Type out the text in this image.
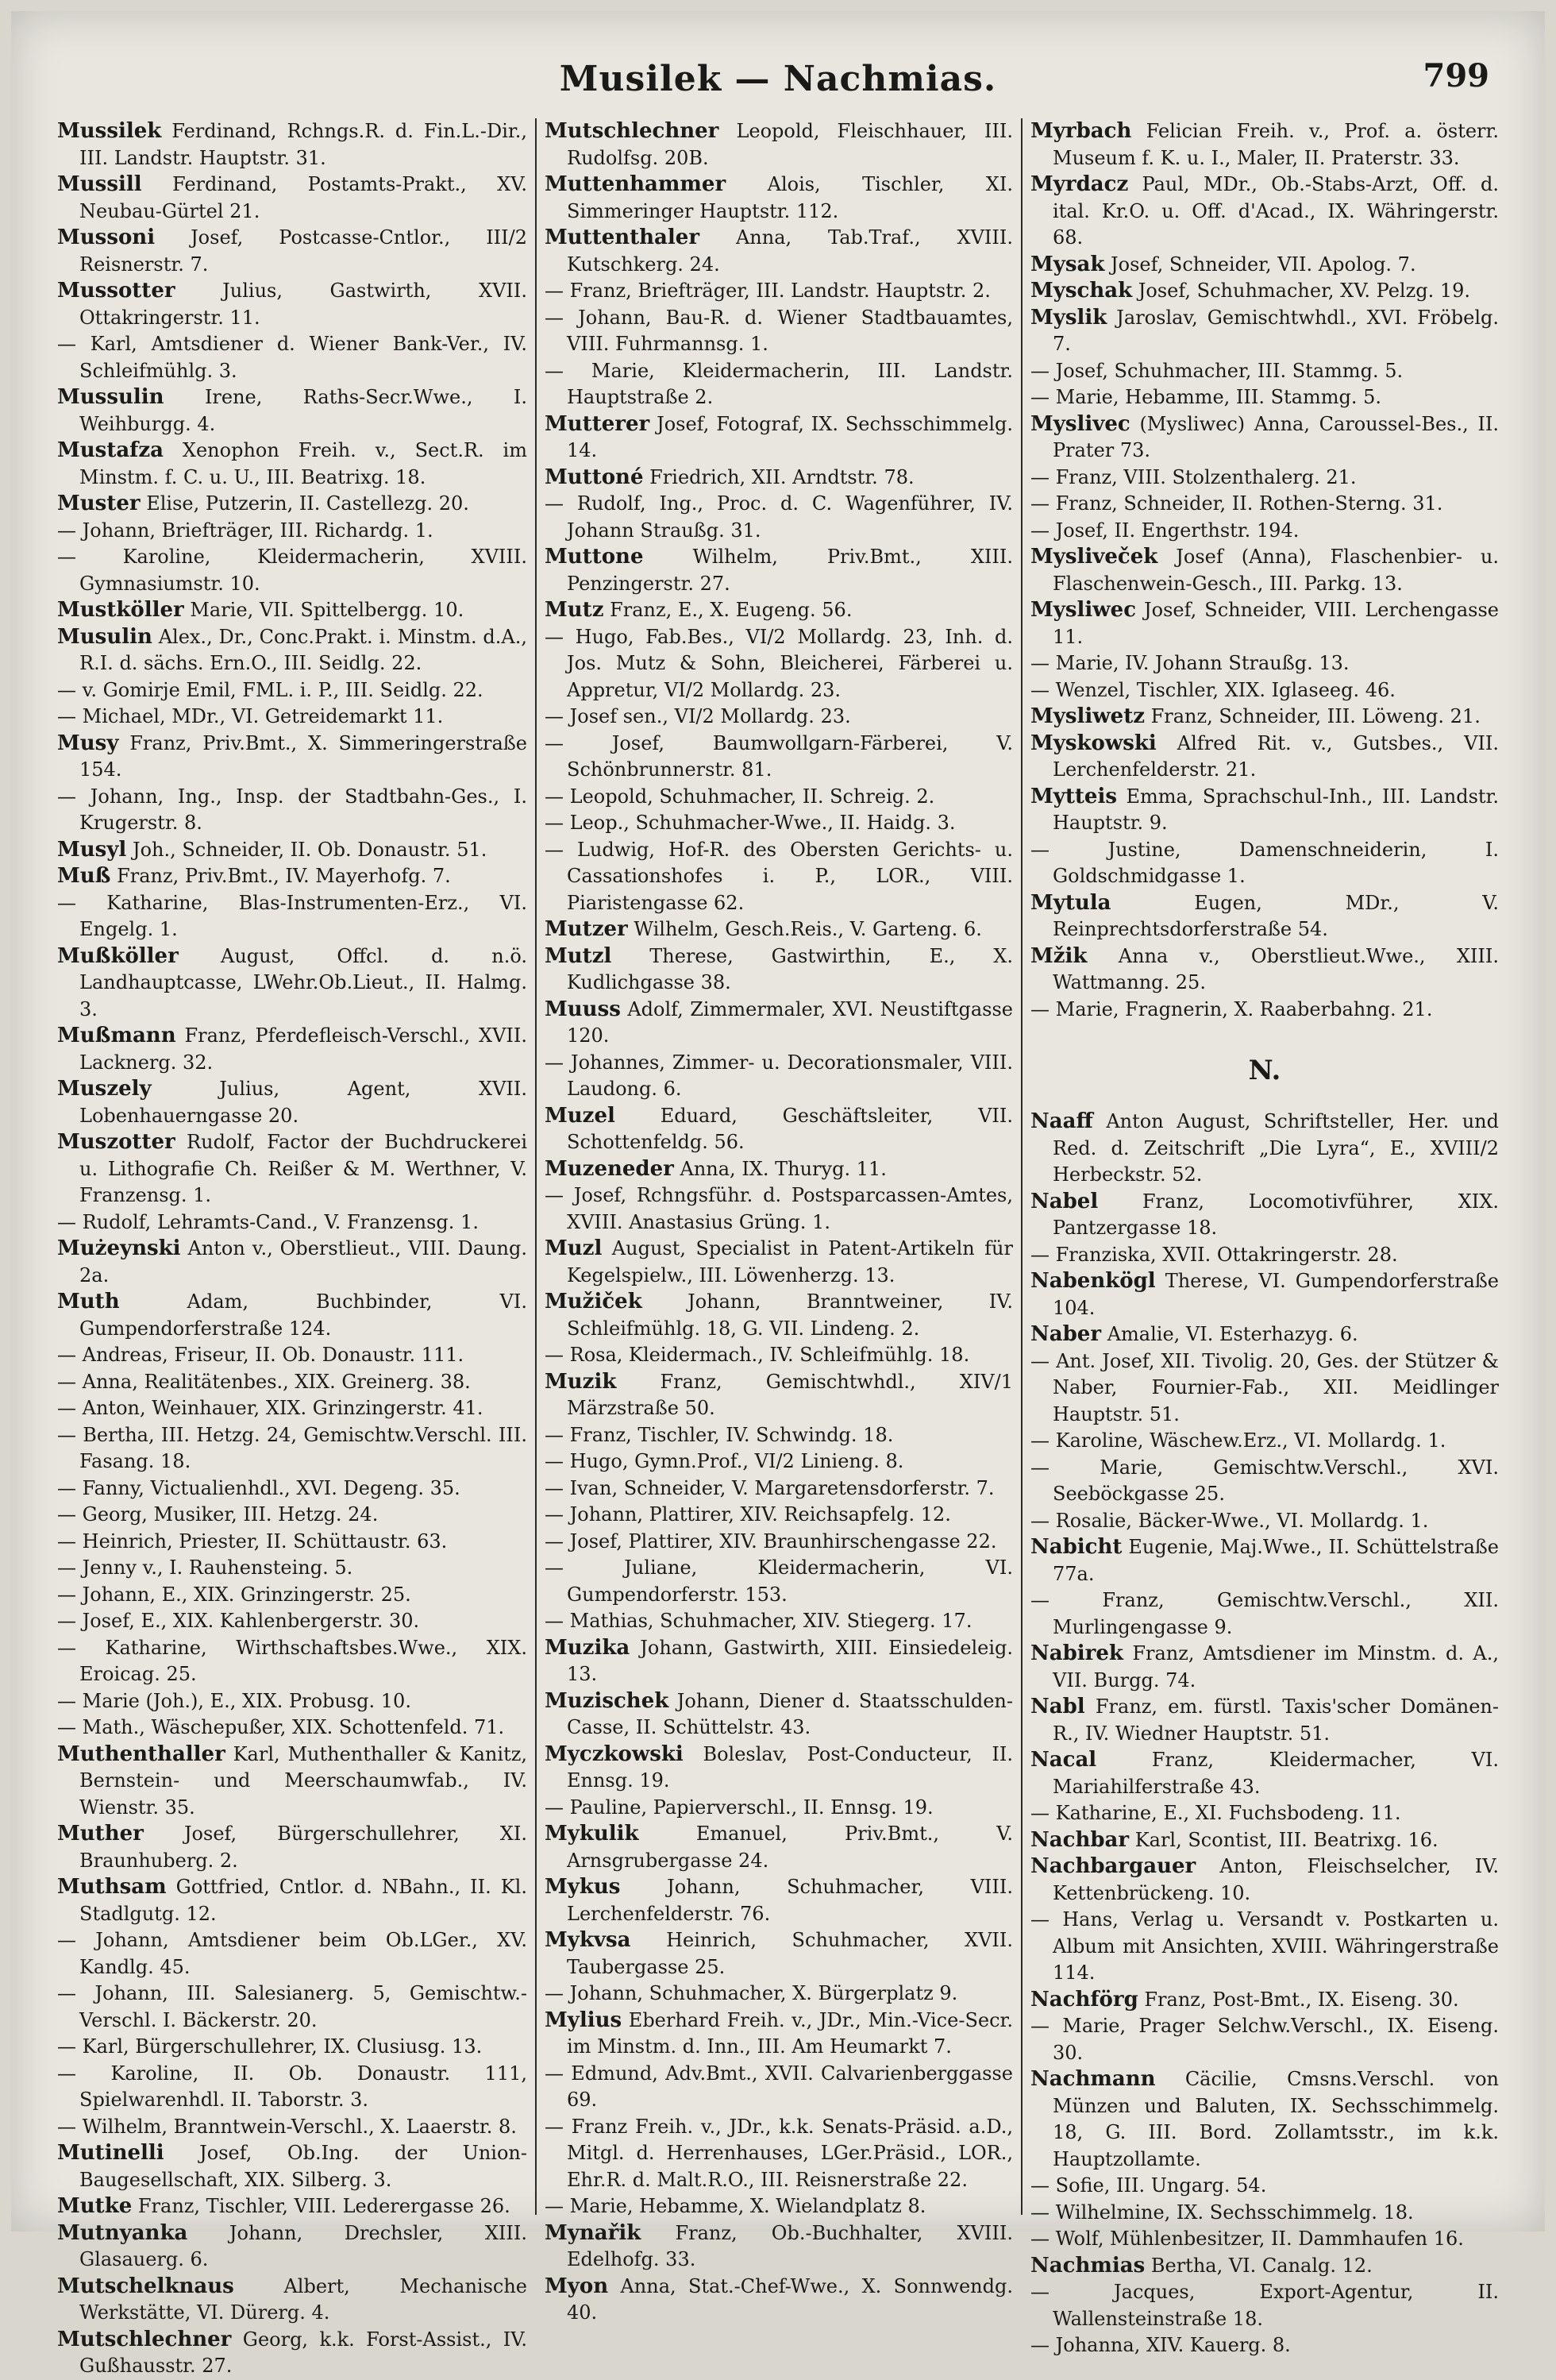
Musilek — Nachmias.	799

Mussilek Ferdinand, Rchngs.R. d. Fin.L.-Dir., III. Landstr. Hauptstr. 31.

Mussill Ferdinand, Postamts-Prakt., XV. Neubau-Gürtel 21.

Mussoni Josef, Postcasse-Cntlor., III/2 Reisnerstr. 7.

Mussotter Julius, Gastwirth, XVII. Ottakringerstr. 11.

— Karl, Amtsdiener d. Wiener Bank-Ver., IV. Schleifmühlg. 3.

Mussulin Irene, Raths-Secr.Wwe., I. Weihburgg. 4.

Mustafza Xenophon Freih. v., Sect.R. im Minstm. f. C. u. U., III. Beatrixg. 18.

Muster Elise, Putzerin, II. Castellezg. 20.

— Johann, Briefträger, III. Richardg. 1.

— Karoline, Kleidermacherin, XVIII. Gymnasiumstr. 10.

Mustköller Marie, VII. Spittelbergg. 10.

Musulin Alex., Dr., Conc.Prakt. i. Minstm. d.A., R.I. d. sächs. Ern.O., III. Seidlg. 22.

— v. Gomirje Emil, FML. i. P., III. Seidlg. 22.

— Michael, MDr., VI. Getreidemarkt 11.

Musy Franz, Priv.Bmt., X. Simmeringerstraße 154.

— Johann, Ing., Insp. der Stadtbahn-Ges., I. Krugerstr. 8.

Musyl Joh., Schneider, II. Ob. Donaustr. 51.

Muß Franz, Priv.Bmt., IV. Mayerhofg. 7.

— Katharine, Blas-Instrumenten-Erz., VI. Engelg. 1.

Mußköller August, Offcl. d. n.ö. Landhauptcasse, LWehr.Ob.Lieut., II. Halmg. 3.

Mußmann Franz, Pferdefleisch-Verschl., XVII. Lacknerg. 32.

Muszely	Julius, Agent, XVII. Lobenhauerngasse 20.

Muszotter Rudolf, Factor der Buchdruckerei u. Lithografie Ch. Reißer & M. Werthner, V. Franzensg. 1.

— Rudolf, Lehramts-Cand., V. Franzensg. 1.

Mużeynski Anton v., Oberstlieut., VIII. Daung. 2a.

Muth	Adam, Buchbinder, VI. Gumpendorferstraße 124.

— Andreas, Friseur, II. Ob. Donaustr. 111.

— Anna, Realitätenbes., XIX. Greinerg. 38.

— Anton, Weinhauer, XIX. Grinzingerstr. 41.

— Bertha, III. Hetzg. 24, Gemischtw.Verschl. III. Fasang. 18.

— Fanny, Victualienhdl., XVI. Degeng. 35.

— Georg, Musiker, III. Hetzg. 24.

— Heinrich, Priester, II. Schüttaustr. 63.

— Jenny v., I. Rauhensteing. 5.

— Johann, E., XIX. Grinzingerstr. 25.

— Josef, E., XIX. Kahlenbergerstr. 30.

— Katharine, Wirthschaftsbes.Wwe., XIX. Eroicag. 25.

— Marie (Joh.), E., XIX. Probusg. 10.

— Math., Wäschepußer, XIX. Schottenfeld. 71.

Muthenthaller Karl, Muthenthaller & Kanitz, Bernstein- und Meerschaumwfab., IV. Wienstr. 35.

Muther Josef, Bürgerschullehrer, XI. Braunhuberg. 2.

Muthsam Gottfried, Cntlor. d. NBahn., II. Kl. Stadlgutg. 12.

— Johann, Amtsdiener beim Ob.LGer., XV. Kandlg. 45.

— Johann, III. Salesianerg. 5, Gemischtw.-Verschl. I. Bäckerstr. 20.

— Karl, Bürgerschullehrer, IX. Clusiusg. 13.

— Karoline, II. Ob. Donaustr. 111, Spielwarenhdl. II. Taborstr. 3.

— Wilhelm, Branntwein-Verschl., X. Laaerstr. 8.

Mutinelli Josef, Ob.Ing. der Union-Baugesellschaft, XIX. Silberg. 3.

Mutke Franz, Tischler, VIII. Lederergasse 26.

Mutnyanka Johann, Drechsler, XIII. Glasauerg. 6.

Mutschelknaus	Albert, Mechanische Werkstätte, VI. Dürerg. 4.

Mutschlechner Georg, k.k. Forst-Assist., IV. Gußhausstr. 27.

Mutschlechner Leopold, Fleischhauer, III. Rudolfsg. 20B.

Muttenhammer Alois, Tischler, XI. Simmeringer Hauptstr. 112.

Muttenthaler Anna, Tab.Traf., XVIII. Kutschkerg. 24.

— Franz, Briefträger, III. Landstr. Hauptstr. 2.

— Johann, Bau-R. d. Wiener Stadtbauamtes, VIII. Fuhrmannsg. 1.

— Marie, Kleidermacherin, III. Landstr. Hauptstraße 2.

Mutterer Josef, Fotograf, IX. Sechsschimmelg. 14.

Muttoné Friedrich, XII. Arndtstr. 78.

— Rudolf, Ing., Proc. d. C. Wagenführer, IV. Johann Straußg. 31.

Muttone	Wilhelm, Priv.Bmt., XIII. Penzingerstr. 27.

Mutz Franz, E., X. Eugeng. 56.

— Hugo, Fab.Bes., VI/2 Mollardg. 23, Inh. d. Jos. Mutz & Sohn, Bleicherei, Färberei u. Appretur, VI/2 Mollardg. 23.

— Josef sen., VI/2 Mollardg. 23.

— Josef, Baumwollgarn-Färberei, V. Schönbrunnerstr. 81.

— Leopold, Schuhmacher, II. Schreig. 2.

— Leop., Schuhmacher-Wwe., II. Haidg. 3.

— Ludwig, Hof-R. des Obersten Gerichts- u. Cassationshofes i. P., LOR., VIII. Piaristengasse 62.

Mutzer Wilhelm, Gesch.Reis., V. Garteng. 6.

Mutzl Therese, Gastwirthin, E., X. Kudlichgasse 38.

Muuss Adolf, Zimmermaler, XVI. Neustiftgasse 120.

— Johannes, Zimmer- u. Decorationsmaler, VIII. Laudong. 6.

Muzel Eduard, Geschäftsleiter, VII. Schottenfeldg. 56.

Muzeneder Anna, IX. Thuryg. 11.

— Josef, Rchngsführ. d. Postsparcassen-Amtes, XVIII. Anastasius Grüng. 1.

Muzl August, Specialist in Patent-Artikeln für Kegelspielw., III. Löwenherzg. 13.

Mužiček Johann, Branntweiner, IV. Schleifmühlg. 18, G. VII. Lindeng. 2.

— Rosa, Kleidermach., IV. Schleifmühlg. 18.

Muzik Franz, Gemischtwhdl., XIV/1 Märzstraße 50.

— Franz, Tischler, IV. Schwindg. 18.

— Hugo, Gymn.Prof., VI/2 Linieng. 8.

— Ivan, Schneider, V. Margaretensdorferstr. 7.

— Johann, Plattirer, XIV. Reichsapfelg. 12.

— Josef, Plattirer, XIV. Braunhirschengasse 22.

— Juliane, Kleidermacherin, VI. Gumpendorferstr. 153.

— Mathias, Schuhmacher, XIV. Stiegerg. 17.

Muzika Johann, Gastwirth, XIII. Einsiedeleig. 13.

Muzischek Johann, Diener d. Staatsschulden-Casse, II. Schüttelstr. 43.

Myczkowski Boleslav, Post-Conducteur, II. Ennsg. 19.

— Pauline, Papierverschl., II. Ennsg. 19.

Mykulik	Emanuel, Priv.Bmt., V. Arnsgrubergasse 24.

Mykus Johann, Schuhmacher, VIII. Lerchenfelderstr. 76.

Mykvsa Heinrich, Schuhmacher, XVII. Taubergasse 25.

— Johann, Schuhmacher, X. Bürgerplatz 9.

Mylius Eberhard Freih. v., JDr., Min.-Vice-Secr. im Minstm. d. Inn., III. Am Heumarkt 7.

— Edmund, Adv.Bmt., XVII. Calvarienberggasse 69.

— Franz Freih. v., JDr., k.k. Senats-Präsid. a.D., Mitgl. d. Herrenhauses, LGer.Präsid., LOR., Ehr.R. d. Malt.R.O., III. Reisnerstraße 22.

— Marie, Hebamme, X. Wielandplatz 8.

Mynařik Franz, Ob.-Buchhalter, XVIII. Edelhofg. 33.

Myon Anna, Stat.-Chef-Wwe., X. Sonnwendg. 40.

Myrbach Felician Freih. v., Prof. a. österr. Museum f. K. u. I., Maler, II. Praterstr. 33.

Myrdacz Paul, MDr., Ob.-Stabs-Arzt, Off. d. ital. Kr.O. u. Off. d'Acad., IX. Währingerstr. 68.

Mysak Josef, Schneider, VII. Apolog. 7.

Myschak Josef, Schuhmacher, XV. Pelzg. 19.

Myslik Jaroslav, Gemischtwhdl., XVI. Fröbelg. 7.

— Josef, Schuhmacher, III. Stammg. 5.

— Marie, Hebamme, III. Stammg. 5.

Myslivec (Mysliwec) Anna, Caroussel-Bes., II. Prater 73.

— Franz, VIII. Stolzenthalerg. 21.

— Franz, Schneider, II. Rothen-Sterng. 31.

— Josef, II. Engerthstr. 194.

Mysliveček Josef (Anna), Flaschenbier- u. Flaschenwein-Gesch., III. Parkg. 13.

Mysliwec Josef, Schneider, VIII. Lerchengasse 11.

— Marie, IV. Johann Straußg. 13.

— Wenzel, Tischler, XIX. Iglaseeg. 46.

Mysliwetz Franz, Schneider, III. Löweng. 21.

Myskowski Alfred Rit. v., Gutsbes., VII. Lerchenfelderstr. 21.

Mytteis Emma, Sprachschul-Inh., III. Landstr. Hauptstr. 9.

— Justine, Damenschneiderin, I. Goldschmidgasse 1.

Mytula	Eugen, MDr., V. Reinprechtsdorferstraße 54.

Mžik Anna v., Oberstlieut.Wwe., XIII. Wattmanng. 25.

— Marie, Fragnerin, X. Raaberbahng. 21.

N.

Naaff Anton August, Schriftsteller, Her. und Red. d. Zeitschrift „Die Lyra“, E., XVIII/2 Herbeckstr. 52.

Nabel Franz, Locomotivführer, XIX. Pantzergasse 18.

— Franziska, XVII. Ottakringerstr. 28.

Nabenkögl Therese, VI. Gumpendorferstraße 104.

Naber Amalie, VI. Esterhazyg. 6.

— Ant. Josef, XII. Tivolig. 20, Ges. der Stützer & Naber, Fournier-Fab., XII. Meidlinger Hauptstr. 51.

— Karoline, Wäschew.Erz., VI. Mollardg. 1.

— Marie, Gemischtw.Verschl., XVI. Seeböckgasse 25.

— Rosalie, Bäcker-Wwe., VI. Mollardg. 1.

Nabicht Eugenie, Maj.Wwe., II. Schüttelstraße 77a.

— Franz, Gemischtw.Verschl., XII. Murlingengasse 9.

Nabirek Franz, Amtsdiener im Minstm. d. A., VII. Burgg. 74.

Nabl Franz, em. fürstl. Taxis'scher Domänen-R., IV. Wiedner Hauptstr. 51.

Nacal	Franz, Kleidermacher, VI. Mariahilferstraße 43.

— Katharine, E., XI. Fuchsbodeng. 11.

Nachbar Karl, Scontist, III. Beatrixg. 16.

Nachbargauer Anton, Fleischselcher, IV. Kettenbrückeng. 10.

— Hans, Verlag u. Versandt v. Postkarten u. Album mit Ansichten, XVIII. Währingerstraße 114.

Nachförg Franz, Post-Bmt., IX. Eiseng. 30.

— Marie, Prager Selchw.Verschl., IX. Eiseng. 30.

Nachmann Cäcilie, Cmsns.Verschl. von Münzen und Baluten, IX. Sechsschimmelg. 18, G. III. Bord. Zollamtsstr., im k.k. Hauptzollamte.

— Sofie, III. Ungarg. 54.

— Wilhelmine, IX. Sechsschimmelg. 18.

— Wolf, Mühlenbesitzer, II. Dammhaufen 16.

Nachmias Bertha, VI. Canalg. 12.

— Jacques, Export-Agentur, II. Wallensteinstraße 18.

— Johanna, XIV. Kauerg. 8.
